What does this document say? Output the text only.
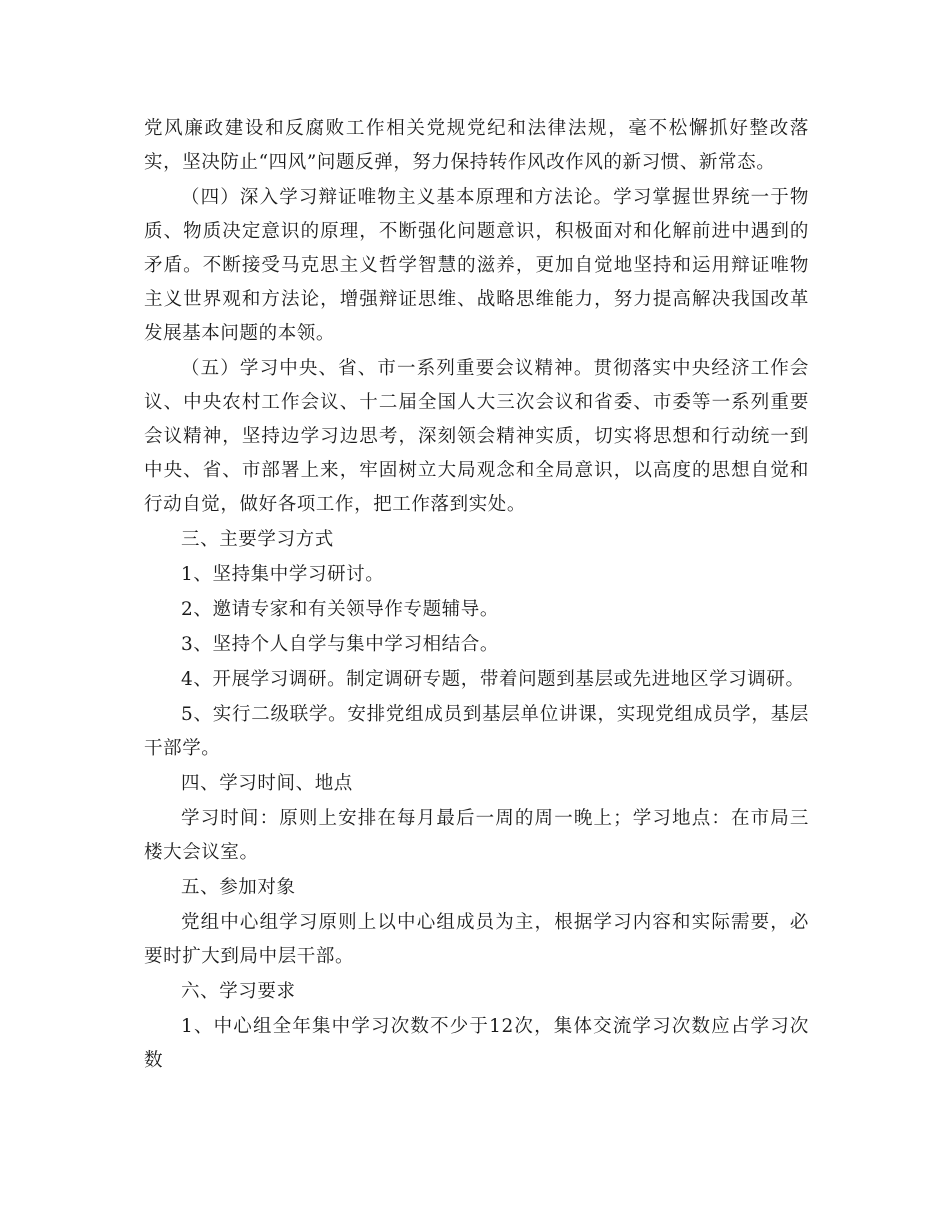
党风廉政建设和反腐败工作相关党规党纪和法律法规，毫不松懈抓好整改落实，坚决防止“四风”问题反弹，努力保持转作风改作风的新习惯、新常态。

（四）深入学习辩证唯物主义基本原理和方法论。学习掌握世界统一于物质、物质决定意识的原理，不断强化问题意识，积极面对和化解前进中遇到的矛盾。不断接受马克思主义哲学智慧的滋养，更加自觉地坚持和运用辩证唯物主义世界观和方法论，增强辩证思维、战略思维能力，努力提高解决我国改革发展基本问题的本领。

（五）学习中央、省、市一系列重要会议精神。贯彻落实中央经济工作会议、中央农村工作会议、十二届全国人大三次会议和省委、市委等一系列重要会议精神，坚持边学习边思考，深刻领会精神实质，切实将思想和行动统一到中央、省、市部署上来，牢固树立大局观念和全局意识，以高度的思想自觉和行动自觉，做好各项工作，把工作落到实处。

三、主要学习方式

1、坚持集中学习研讨。

2、邀请专家和有关领导作专题辅导。

3、坚持个人自学与集中学习相结合。

4、开展学习调研。制定调研专题，带着问题到基层或先进地区学习调研。

5、实行二级联学。安排党组成员到基层单位讲课，实现党组成员学，基层干部学。

四、学习时间、地点

学习时间：原则上安排在每月最后一周的周一晚上；学习地点：在市局三楼大会议室。

五、参加对象

党组中心组学习原则上以中心组成员为主，根据学习内容和实际需要，必要时扩大到局中层干部。

六、学习要求

1、中心组全年集中学习次数不少于12次，集体交流学习次数应占学习次数
